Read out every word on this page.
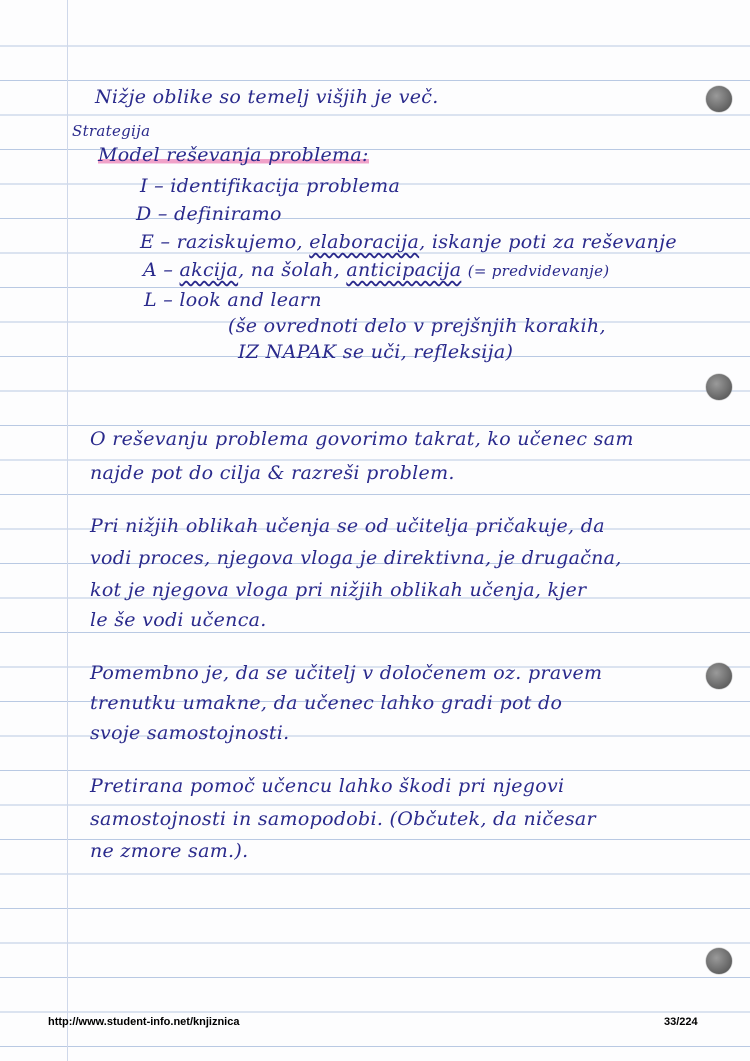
Nižje oblike so temelj višjih je več.
Strategija
Model reševanja problema:
I – identifikacija problema
D – definiramo
E – raziskujemo, elaboracija, iskanje poti za reševanje
A – akcija, na šolah, anticipacija (= predvidevanje)
L – look and learn
(še ovrednoti delo v prejšnjih korakih,
IZ NAPAK se uči, refleksija)
O reševanju problema govorimo takrat, ko učenec sam
najde pot do cilja & razreši problem.
Pri nižjih oblikah učenja se od učitelja pričakuje, da
vodi proces, njegova vloga je direktivna, je drugačna,
kot je njegova vloga pri nižjih oblikah učenja, kjer
le še vodi učenca.
Pomembno je, da se učitelj v določenem oz. pravem
trenutku umakne, da učenec lahko gradi pot do
svoje samostojnosti.
Pretirana pomoč učencu lahko škodi pri njegovi
samostojnosti in samopodobi. (Občutek, da ničesar
ne zmore sam.).
http://www.student-info.net/knjiznica	33/224
